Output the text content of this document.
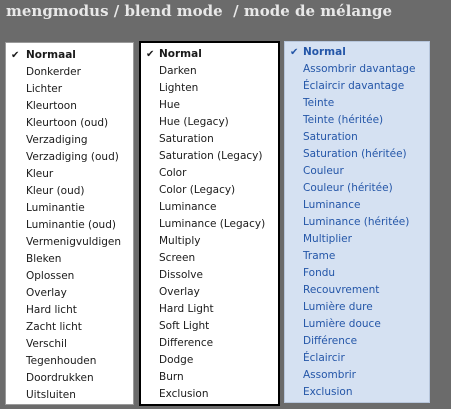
mengmodus / blend mode  / mode de mélange
✔ Normaal
Donkerder
Lichter
Kleurtoon
Kleurtoon (oud)
Verzadiging
Verzadiging (oud)
Kleur
Kleur (oud)
Luminantie
Luminantie (oud)
Vermenigvuldigen
Bleken
Oplossen
Overlay
Hard licht
Zacht licht
Verschil
Tegenhouden
Doordrukken
Uitsluiten
✔ Normal
Darken
Lighten
Hue
Hue (Legacy)
Saturation
Saturation (Legacy)
Color
Color (Legacy)
Luminance
Luminance (Legacy)
Multiply
Screen
Dissolve
Overlay
Hard Light
Soft Light
Difference
Dodge
Burn
Exclusion
✔ Normal
Assombrir davantage
Éclaircir davantage
Teinte
Teinte (héritée)
Saturation
Saturation (héritée)
Couleur
Couleur (héritée)
Luminance
Luminance (héritée)
Multiplier
Trame
Fondu
Recouvrement
Lumière dure
Lumière douce
Différence
Éclaircir
Assombrir
Exclusion
